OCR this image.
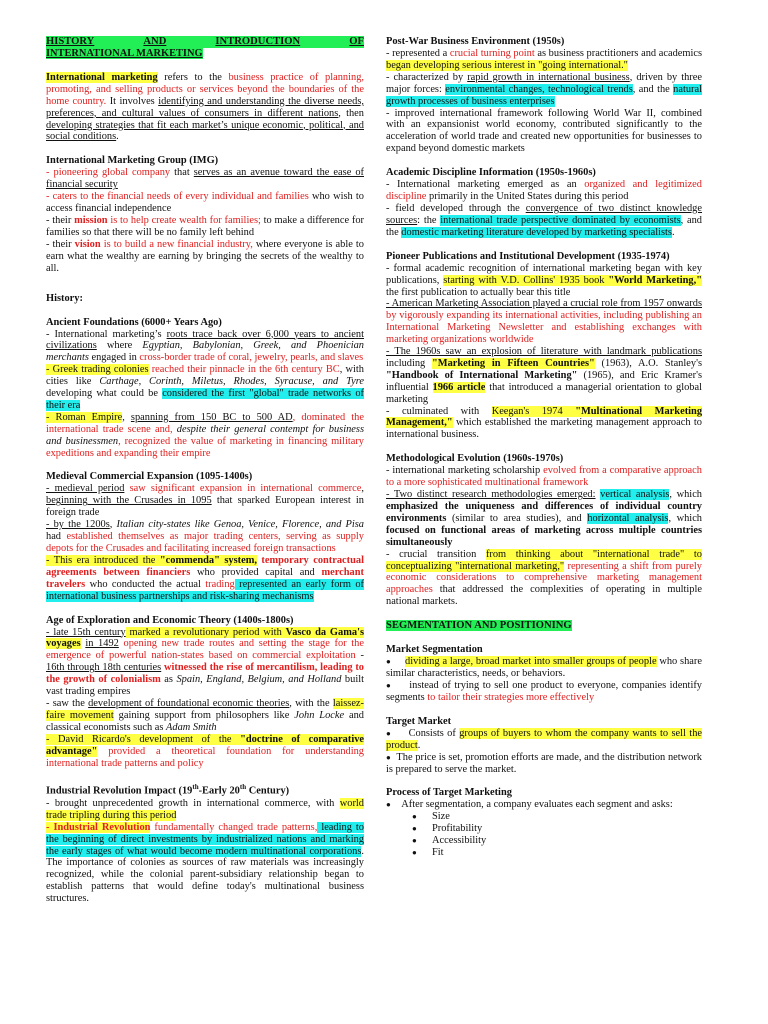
HISTORY	AND	INTRODUCTION	OF
INTERNATIONAL MARKETING

International marketing refers to the business practice of planning, promoting, and selling products or services beyond the boundaries of the home country. It involves identifying and understanding the diverse needs, preferences, and cultural values of consumers in different nations, then developing strategies that fit each market’s unique economic, political, and social conditions.

International Marketing Group (IMG)

- pioneering global company that serves as an avenue toward the ease of financial security

- caters to the financial needs of every individual and families who wish to access financial independence

- their mission is to help create wealth for families; to make a difference for families so that there will be no family left behind

- their vision is to build a new financial industry, where everyone is able to earn what the wealthy are earning by bringing the secrets of the wealthy to all.

History:
Ancient Foundations (6000+ Years Ago)

- International marketing’s roots trace back over 6,000 years to ancient civilizations where Egyptian, Babylonian, Greek, and Phoenician merchants engaged in cross-border trade of coral, jewelry, pearls, and slaves

- Greek trading colonies reached their pinnacle in the 6th century BC, with cities like Carthage, Corinth, Miletus, Rhodes, Syracuse, and Tyre developing what could be considered the first "global" trade networks of their era

- Roman Empire, spanning from 150 BC to 500 AD, dominated the international trade scene and, despite their general contempt for business and businessmen, recognized the value of marketing in financing military expeditions and expanding their empire

Medieval Commercial Expansion (1095-1400s)

- medieval period saw significant expansion in international commerce, beginning with the Crusades in 1095 that sparked European interest in foreign trade

- by the 1200s, Italian city-states like Genoa, Venice, Florence, and Pisa had established themselves as major trading centers, serving as supply depots for the Crusades and facilitating increased foreign transactions

- This era introduced the "commenda" system, temporary contractual agreements between financiers who provided capital and merchant travelers who conducted the actual trading represented an early form of international business partnerships and risk-sharing mechanisms

Age of Exploration and Economic Theory (1400s-1800s)

- late 15th century marked a revolutionary period with Vasco da Gama's voyages in 1492 opening new trade routes and setting the stage for the emergence of powerful nation-states based on commercial exploitation - 16th through 18th centuries witnessed the rise of mercantilism, leading to the growth of colonialism as Spain, England, Belgium, and Holland built vast trading empires

- saw the development of foundational economic theories, with the laissez-faire movement gaining support from philosophers like John Locke and classical economists such as Adam Smith

- David Ricardo's development of the "doctrine of comparative advantage" provided a theoretical foundation for understanding international trade patterns and policy

Industrial Revolution Impact (19th-Early 20th Century)

- brought unprecedented growth in international commerce, with world trade tripling during this period

- Industrial Revolution fundamentally changed trade patterns, leading to the beginning of direct investments by industrialized nations and marking the early stages of what would become modern multinational corporations. The importance of colonies as sources of raw materials was increasingly recognized, while the colonial parent-subsidiary relationship began to establish patterns that would define today's multinational business structures.

Post-War Business Environment (1950s)

- represented a crucial turning point as business practitioners and academics began developing serious interest in "going international."

- characterized by rapid growth in international business, driven by three major forces: environmental changes, technological trends, and the natural growth processes of business enterprises

- improved international framework following World War II, combined with an expansionist world economy, contributed significantly to the acceleration of world trade and created new opportunities for businesses to expand beyond domestic markets

Academic Discipline Information (1950s-1960s)

- International marketing emerged as an organized and legitimized discipline primarily in the United States during this period

- field developed through the convergence of two distinct knowledge sources: the international trade perspective dominated by economists, and the domestic marketing literature developed by marketing specialists.

Pioneer Publications and Institutional Development (1935-1974)

- formal academic recognition of international marketing began with key publications, starting with V.D. Collins' 1935 book "World Marketing," the first publication to actually bear this title

- American Marketing Association played a crucial role from 1957 onwards by vigorously expanding its international activities, including publishing an International Marketing Newsletter and establishing exchanges with marketing organizations worldwide

- The 1960s saw an explosion of literature with landmark publications including "Marketing in Fifteen Countries" (1963), A.O. Stanley's "Handbook of International Marketing" (1965), and Eric Kramer's influential 1966 article that introduced a managerial orientation to global marketing

- culminated with Keegan's 1974 "Multinational Marketing Management," which established the marketing management approach to international business.

Methodological Evolution (1960s-1970s)

- international marketing scholarship evolved from a comparative approach to a more sophisticated multinational framework

- Two distinct research methodologies emerged: vertical analysis, which emphasized the uniqueness and differences of individual country environments (similar to area studies), and horizontal analysis, which focused on functional areas of marketing across multiple countries simultaneously

- crucial transition from thinking about "international trade" to conceptualizing "international marketing," representing a shift from purely economic considerations to comprehensive marketing management approaches that addressed the complexities of operating in multiple national markets.

SEGMENTATION AND POSITIONING
Market Segmentation

● dividing a large, broad market into smaller groups of people who share similar characteristics, needs, or behaviors.

● instead of trying to sell one product to everyone, companies identify segments to tailor their strategies more effectively

Target Market

● Consists of groups of buyers to whom the company wants to sell the product.

● The price is set, promotion efforts are made, and the distribution network is prepared to serve the market.

Process of Target Marketing

● After segmentation, a company evaluates each segment and asks:

● Size
● Profitability
● Accessibility
● Fit
